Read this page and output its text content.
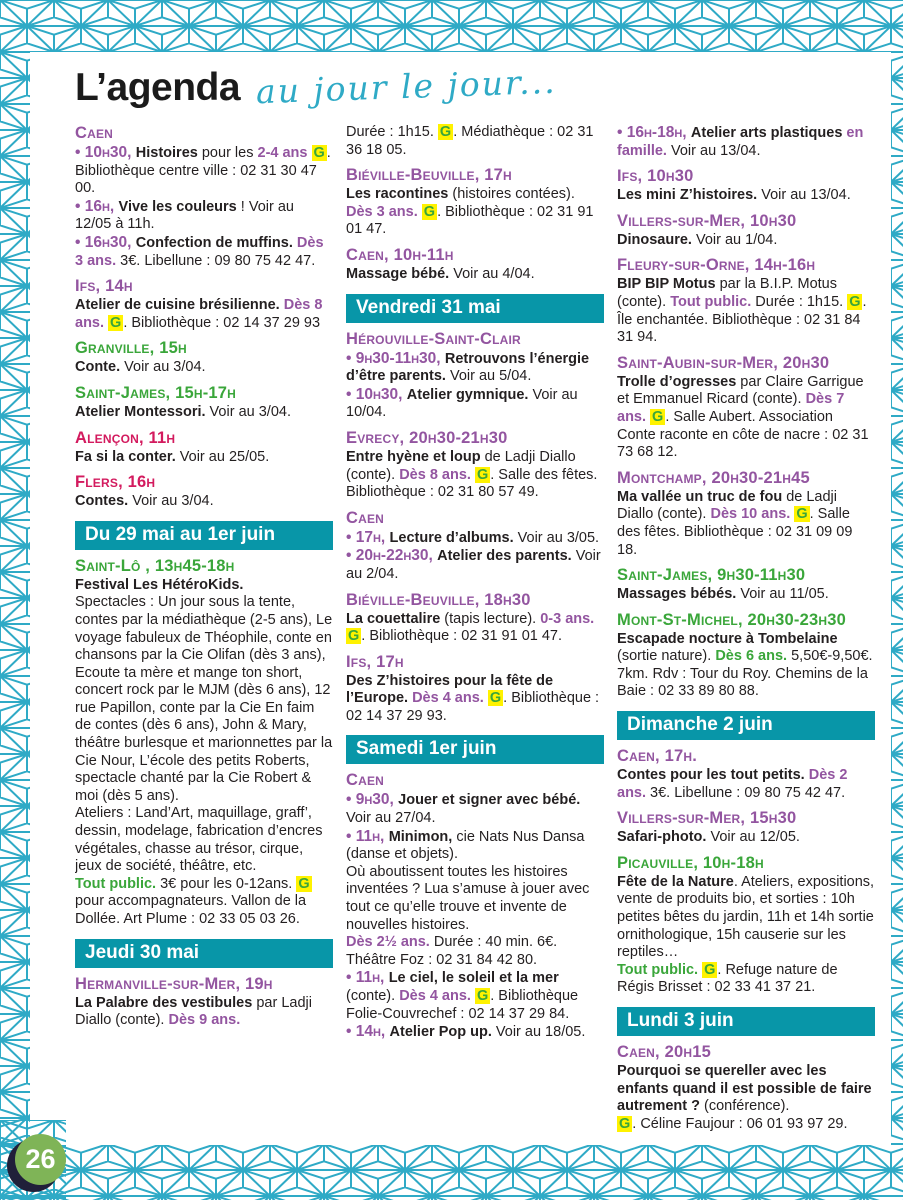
L’agenda au jour le jour...
Caen

• 10h30, Histoires pour les 2-4 ans G . Bibliothèque centre ville : 02 31 30 47 00.

• 16h, Vive les couleurs ! Voir au 12/05 à 11h.

• 16h30, Confection de muffins. Dès 3 ans. 3€. Libellune : 09 80 75 42 47.

Ifs, 14h

Atelier de cuisine brésilienne. Dès 8 ans. G . Bibliothèque : 02 14 37 29 93

Granville, 15h

Conte. Voir au 3/04.

Saint-James, 15h-17h

Atelier Montessori. Voir au 3/04.

Alençon, 11h

Fa si la conter. Voir au 25/05.

Flers, 16h

Contes. Voir au 3/04.

Du 29 mai au 1er juin
Saint-Lô , 13h45-18h

Festival Les HétéroKids.

Spectacles : Un jour sous la tente, contes par la médiathèque (2-5 ans), Le voyage fabuleux de Théophile, conte en chansons par la Cie Olifan (dès 3 ans), Ecoute ta mère et mange ton short, concert rock par le MJM (dès 6 ans), 12 rue Papillon, conte par la Cie En faim de contes (dès 6 ans), John & Mary, théâtre burlesque et marionnettes par la Cie Nour, L’école des petits Roberts, spectacle chanté par la Cie Robert & moi (dès 5 ans).

Ateliers : Land’Art, maquillage, graff’, dessin, modelage, fabrication d’encres végétales, chasse au trésor, cirque, jeux de société, théâtre, etc.

Tout public. 3€ pour les 0-12ans. G pour accompagnateurs. Vallon de la Dollée. Art Plume : 02 33 05 03 26.

Jeudi 30 mai
Hermanville-sur-Mer, 19h

La Palabre des vestibules par Ladji Diallo (conte). Dès 9 ans.

Durée : 1h15. G . Médiathèque : 02 31 36 18 05.

Biéville-Beuville, 17h

Les racontines (histoires contées). Dès 3 ans. G . Bibliothèque : 02 31 91 01 47.

Caen, 10h-11h

Massage bébé. Voir au 4/04.

Vendredi 31 mai
Hérouville-Saint-Clair

• 9h30-11h30, Retrouvons l’énergie d’être parents. Voir au 5/04.

• 10h30, Atelier gymnique. Voir au 10/04.

Evrecy, 20h30-21h30

Entre hyène et loup de Ladji Diallo (conte). Dès 8 ans. G . Salle des fêtes. Bibliothèque : 02 31 80 57 49.

Caen

• 17h, Lecture d’albums. Voir au 3/05.

• 20h-22h30, Atelier des parents. Voir au 2/04.

Biéville-Beuville, 18h30

La couettalire (tapis lecture). 0-3 ans. G . Bibliothèque : 02 31 91 01 47.

Ifs, 17h

Des Z’histoires pour la fête de l’Europe. Dès 4 ans. G . Bibliothèque : 02 14 37 29 93.

Samedi 1er juin
Caen

• 9h30, Jouer et signer avec bébé. Voir au 27/04.

• 11h, Minimon, cie Nats Nus Dansa (danse et objets).

Où aboutissent toutes les histoires inventées ? Lua s’amuse à jouer avec tout ce qu’elle trouve et invente de nouvelles histoires.

Dès 2½ ans. Durée : 40 min. 6€. Théâtre Foz : 02 31 84 42 80.

• 11h, Le ciel, le soleil et la mer (conte). Dès 4 ans. G . Bibliothèque Folie-Couvrechef : 02 14 37 29 84.

• 14h, Atelier Pop up. Voir au 18/05.

• 16h-18h, Atelier arts plastiques en famille. Voir au 13/04.

Ifs, 10h30

Les mini Z’histoires. Voir au 13/04.

Villers-sur-Mer, 10h30

Dinosaure. Voir au 1/04.

Fleury-sur-Orne, 14h-16h

BIP BIP Motus par la B.I.P. Motus (conte). Tout public. Durée : 1h15. G . Île enchantée. Bibliothèque : 02 31 84 31 94.

Saint-Aubin-sur-Mer, 20h30

Trolle d’ogresses par Claire Garrigue et Emmanuel Ricard (conte). Dès 7 ans. G . Salle Aubert. Association Conte raconte en côte de nacre : 02 31 73 68 12.

Montchamp, 20h30-21h45

Ma vallée un truc de fou de Ladji Diallo (conte). Dès 10 ans. G . Salle des fêtes. Bibliothèque : 02 31 09 09 18.

Saint-James, 9h30-11h30

Massages bébés. Voir au 11/05.

Mont-St-Michel, 20h30-23h30

Escapade nocture à Tombelaine (sortie nature). Dès 6 ans. 5,50€-9,50€. 7km. Rdv : Tour du Roy. Chemins de la Baie : 02 33 89 80 88.

Dimanche 2 juin
Caen, 17h.

Contes pour les tout petits. Dès 2 ans. 3€. Libellune : 09 80 75 42 47.

Villers-sur-Mer, 15h30

Safari-photo. Voir au 12/05.

Picauville, 10h-18h

Fête de la Nature. Ateliers, expositions, vente de produits bio, et sorties : 10h petites bêtes du jardin, 11h et 14h sortie ornithologique, 15h causerie sur les reptiles…

Tout public. G . Refuge nature de Régis Brisset : 02 33 41 37 21.

Lundi 3 juin
Caen, 20h15

Pourquoi se quereller avec les enfants quand il est possible de faire autrement ? (conférence).

G . Céline Faujour : 06 01 93 97 29.

26
